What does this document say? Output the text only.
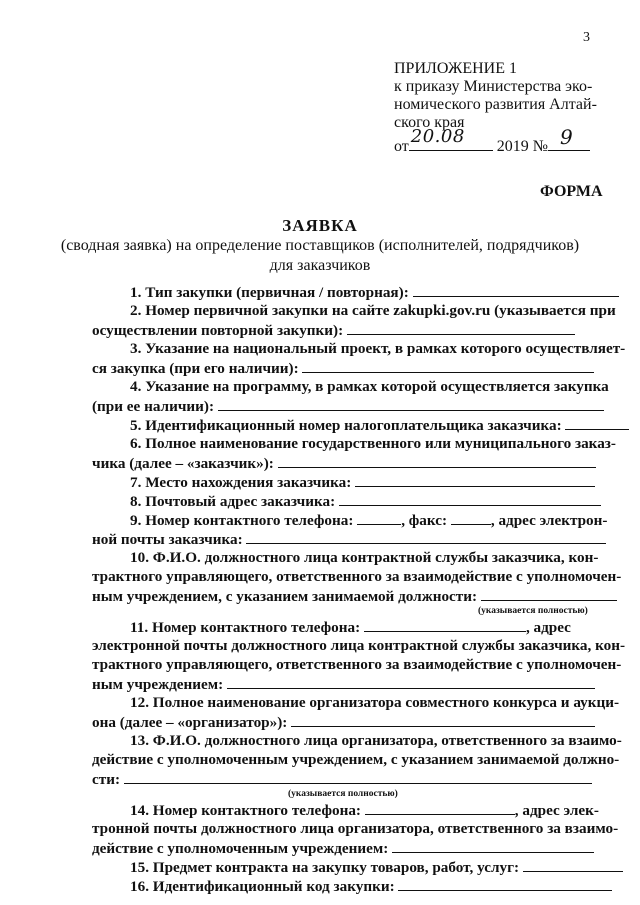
3
ПРИЛОЖЕНИЕ 1
к приказу Министерства эко-
номического развития Алтай-
ского края
от 20.08 2019 № 9
ФОРМА
ЗАЯВКА
(сводная заявка) на определение поставщиков (исполнителей, подрядчиков)
для заказчиков
1. Тип закупки (первичная / повторная):
2. Номер первичной закупки на сайте zakupki.gov.ru (указывается при
осуществлении повторной закупки):
3. Указание на национальный проект, в рамках которого осуществляет-
ся закупка (при его наличии):
4. Указание на программу, в рамках которой осуществляется закупка
(при ее наличии):
5. Идентификационный номер налогоплательщика заказчика:
6. Полное наименование государственного или муниципального заказ-
чика (далее – «заказчик»):
7. Место нахождения заказчика:
8. Почтовый адрес заказчика:
9. Номер контактного телефона:	, факс:	, адрес электрон-
ной почты заказчика:
10. Ф.И.О. должностного лица контрактной службы заказчика, кон-
трактного управляющего, ответственного за взаимодействие с уполномочен-
ным учреждением, с указанием занимаемой должности:
(указывается полностью)
11. Номер контактного телефона:	, адрес
электронной почты должностного лица контрактной службы заказчика, кон-
трактного управляющего, ответственного за взаимодействие с уполномочен-
ным учреждением:
12. Полное наименование организатора совместного конкурса и аукци-
она (далее – «организатор»):
13. Ф.И.О. должностного лица организатора, ответственного за взаимо-
действие с уполномоченным учреждением, с указанием занимаемой должно-
сти:
(указывается полностью)
14. Номер контактного телефона:	, адрес элек-
тронной почты должностного лица организатора, ответственного за взаимо-
действие с уполномоченным учреждением:
15. Предмет контракта на закупку товаров, работ, услуг:
16. Идентификационный код закупки:
